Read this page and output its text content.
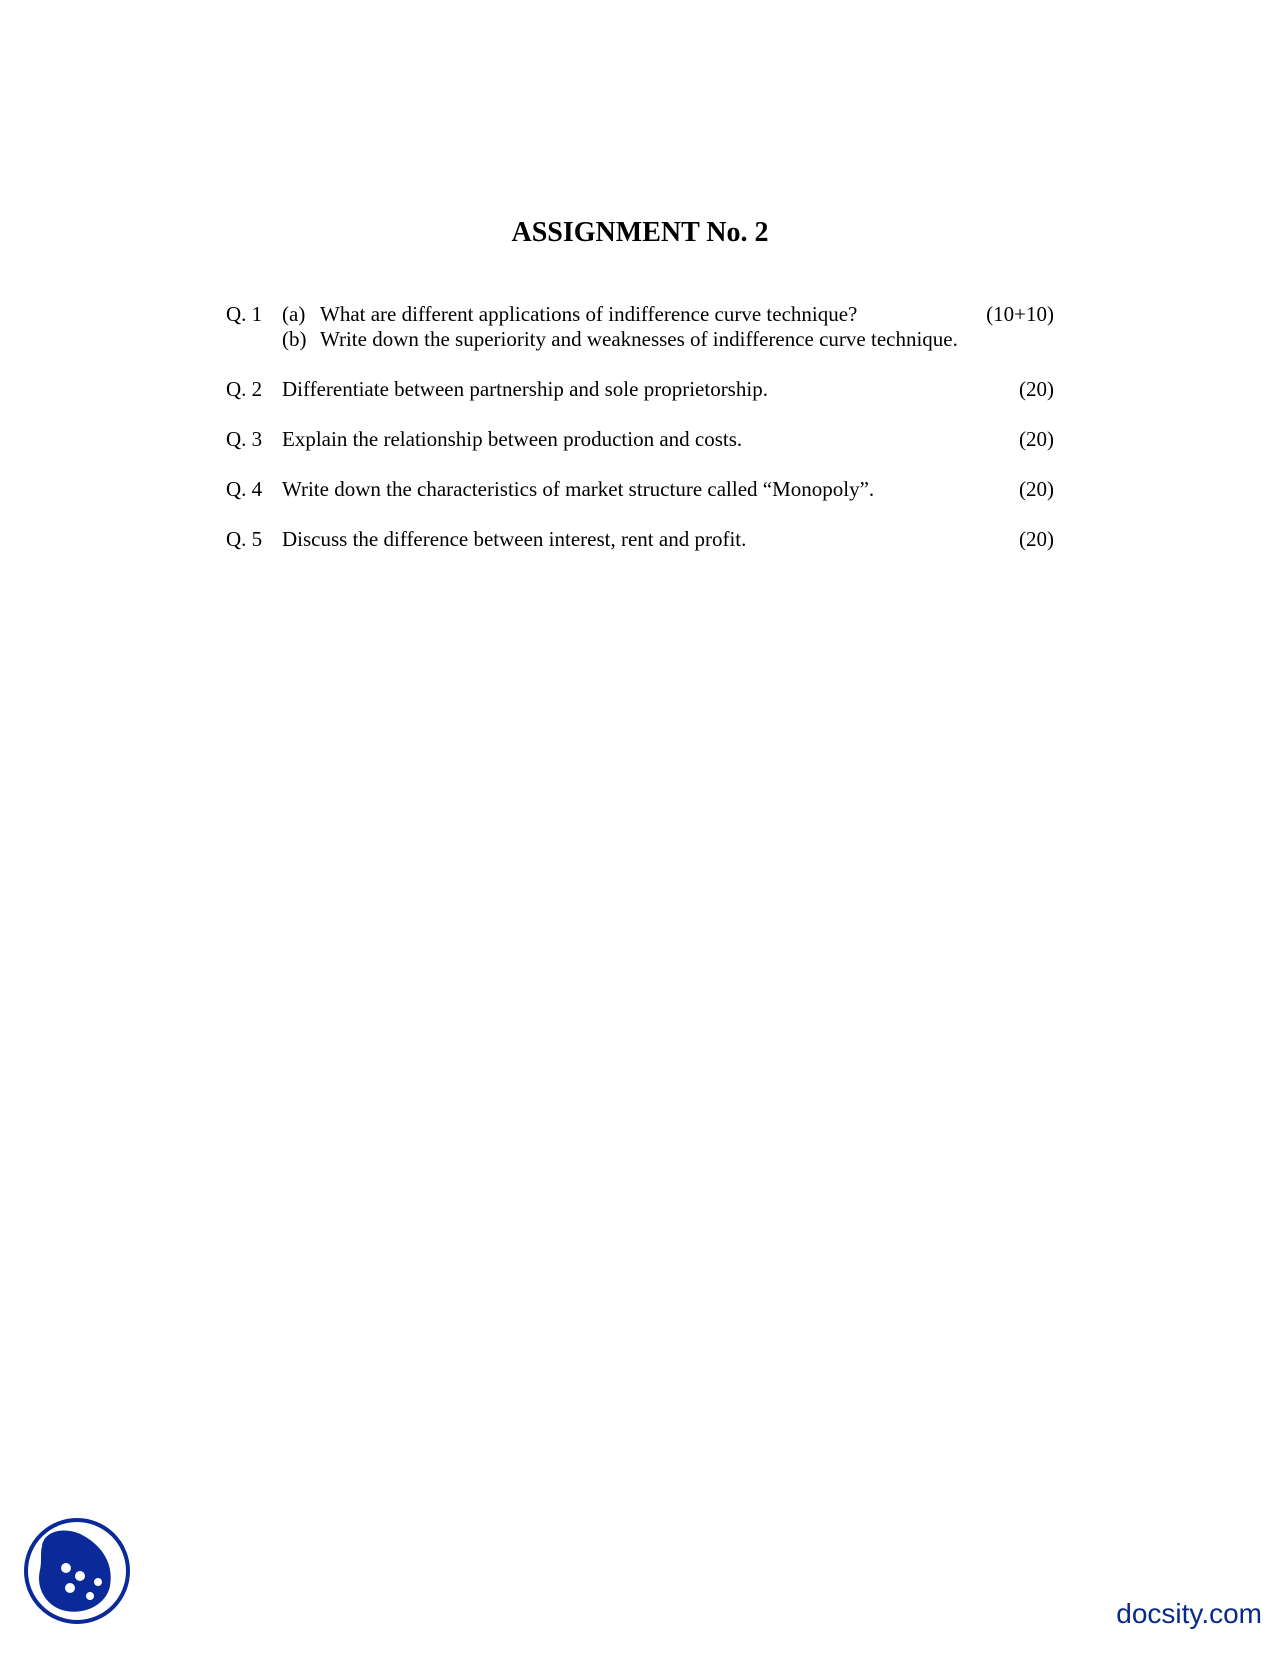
ASSIGNMENT No. 2
Q. 1 (a) What are different applications of indifference curve technique?	(10+10)
(b) Write down the superiority and weaknesses of indifference curve technique.
Q. 2 Differentiate between partnership and sole proprietorship.	(20)
Q. 3 Explain the relationship between production and costs.	(20)
Q. 4 Write down the characteristics of market structure called “Monopoly”.	(20)
Q. 5 Discuss the difference between interest, rent and profit.	(20)
docsity.com
